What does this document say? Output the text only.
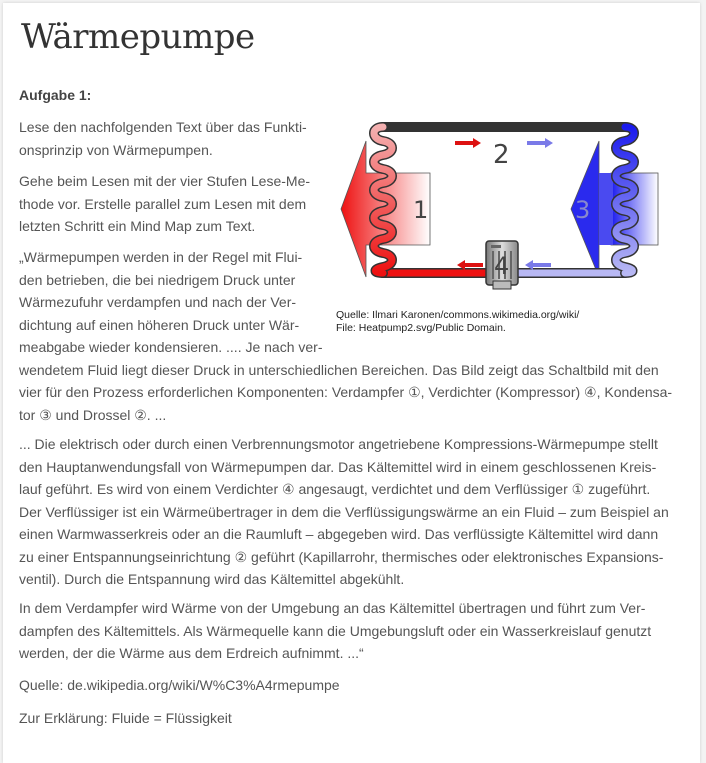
Wärmepumpe
Aufgabe 1:

Lese den nachfolgenden Text über das Funkti-

onsprinzip von Wärmepumpen.

Gehe beim Lesen mit der vier Stufen Lese-Me-

thode vor. Erstelle parallel zum Lesen mit dem

letzten Schritt ein Mind Map zum Text.

„Wärmepumpen werden in der Regel mit Flui-

den betrieben, die bei niedrigem Druck unter

Wärmezufuhr verdampfen und nach der Ver-

dichtung auf einen höheren Druck unter Wär-

meabgabe wieder kondensieren. .... Je nach ver-

wendetem Fluid liegt dieser Druck in unterschiedlichen Bereichen. Das Bild zeigt das Schaltbild mit den

vier für den Prozess erforderlichen Komponenten: Verdampfer ①, Verdichter (Kompressor) ④, Kondensa-

tor ③ und Drossel ②. ...

... Die elektrisch oder durch einen Verbrennungsmotor angetriebene Kompressions-Wärmepumpe stellt

den Hauptanwendungsfall von Wärmepumpen dar. Das Kältemittel wird in einem geschlossenen Kreis-

lauf geführt. Es wird von einem Verdichter ④ angesaugt, verdichtet und dem Verflüssiger ① zugeführt.

Der Verflüssiger ist ein Wärmeübertrager in dem die Verflüssigungswärme an ein Fluid – zum Beispiel an

einen Warmwasserkreis oder an die Raumluft – abgegeben wird. Das verflüssigte Kältemittel wird dann

zu einer Entspannungseinrichtung ② geführt (Kapillarrohr, thermisches oder elektronisches Expansions-

ventil). Durch die Entspannung wird das Kältemittel abgekühlt.

In dem Verdampfer wird Wärme von der Umgebung an das Kältemittel übertragen und führt zum Ver-

dampfen des Kältemittels. Als Wärmequelle kann die Umgebungsluft oder ein Wasserkreislauf genutzt

werden, der die Wärme aus dem Erdreich aufnimmt. ...“

Quelle: de.wikipedia.org/wiki/W%C3%A4rmepumpe
Zur Erklärung: Fluide = Flüssigkeit
1
2
3
4
Quelle: Ilmari Karonen/commons.wikimedia.org/wiki/
File: Heatpump2.svg/Public Domain.
